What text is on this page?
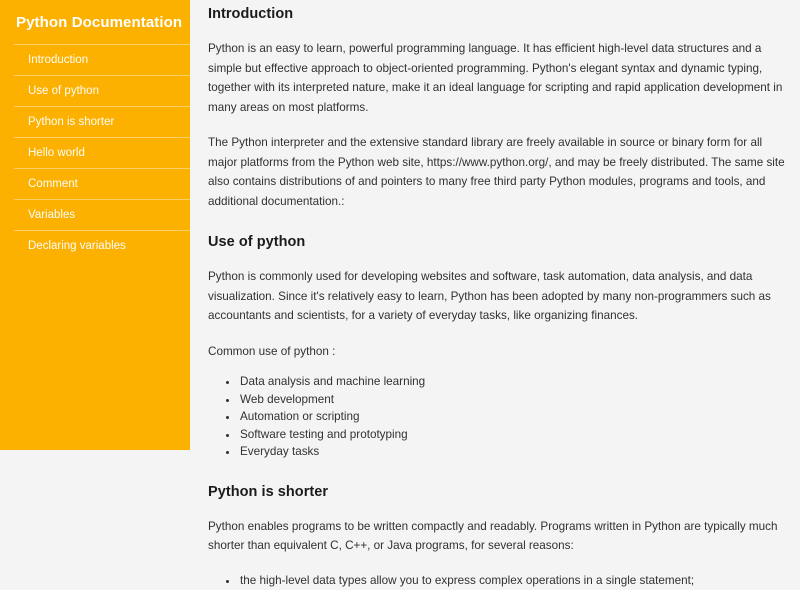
Python Documentation
Introduction
Use of python
Python is shorter
Hello world
Comment
Variables
Declaring variables
Introduction

Python is an easy to learn, powerful programming language. It has efficient high-level data structures and a simple but effective approach to object-oriented programming. Python's elegant syntax and dynamic typing, together with its interpreted nature, make it an ideal language for scripting and rapid application development in many areas on most platforms.

The Python interpreter and the extensive standard library are freely available in source or binary form for all major platforms from the Python web site, https://www.python.org/, and may be freely distributed. The same site also contains distributions of and pointers to many free third party Python modules, programs and tools, and additional documentation.:

Use of python

Python is commonly used for developing websites and software, task automation, data analysis, and data visualization. Since it's relatively easy to learn, Python has been adopted by many non-programmers such as accountants and scientists, for a variety of everyday tasks, like organizing finances.

Common use of python :

• Data analysis and machine learning
• Web development
• Automation or scripting
• Software testing and prototyping
• Everyday tasks
Python is shorter

Python enables programs to be written compactly and readably. Programs written in Python are typically much shorter than equivalent C, C++, or Java programs, for several reasons:

• the high-level data types allow you to express complex operations in a single statement;
